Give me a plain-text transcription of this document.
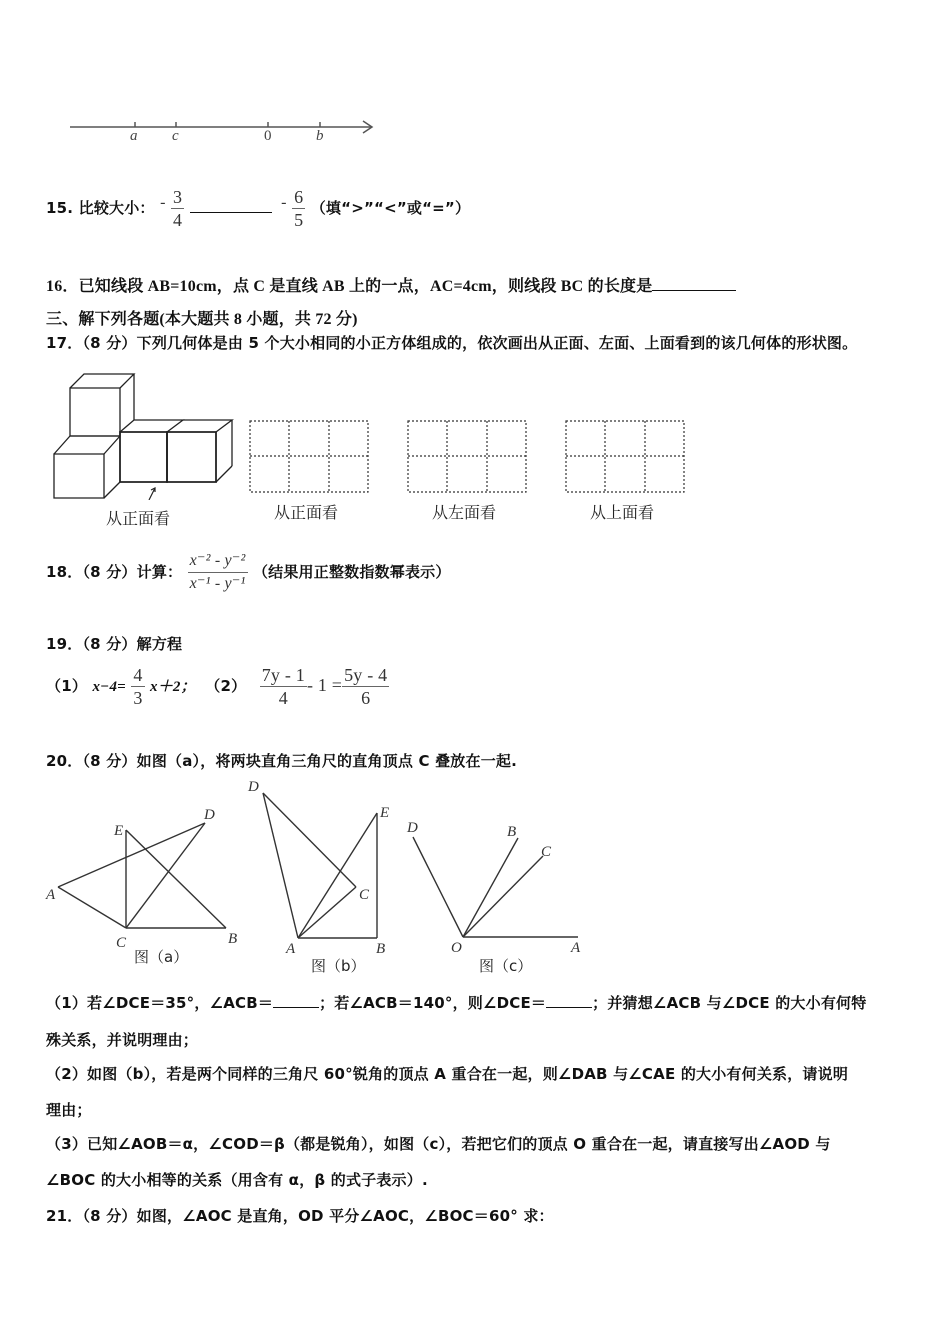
a c	0	b
15. 比较大小： - $\frac{3}{4}$	- $\frac{6}{5}$ （填“>”“<”或“=”）
16．已知线段 AB=10cm，点 C 是直线 AB 上的一点，AC=4cm，则线段 BC 的长度是
三、解下列各题(本大题共 8 小题，共 72 分)
17．（8 分）下列几何体是由 5 个大小相同的小正方体组成的，依次画出从正面、左面、上面看到的该几何体的形状图。
从正面看	从正面看	从左面看	从上面看
18．（8 分）计算： $\frac{\text{x⁻² - y⁻²}}{\text{x⁻¹ - y⁻¹}}$ （结果用正整数指数幂表示）
19．（8 分）解方程
（1） $x-4= \frac{4}{3} x+2$； $(2) \frac{7y - 1}{4} - 1 = \frac{5y - 4}{6}$
20．（8 分）如图（a），将两块直角三角尺的直角顶点 C 叠放在一起.
A
E
D
C	B
图（a）
D
E
C
A	B
图（b）
D	B
C
O	A
图（c）
（1）若∠DCE＝35°，∠ACB＝	；若∠ACB＝140°，则∠DCE＝	；并猜想∠ACB 与∠DCE 的大小有何特
殊关系，并说明理由；
（2）如图（b），若是两个同样的三角尺 60°锐角的顶点 A 重合在一起，则∠DAB 与∠CAE 的大小有何关系，请说明
理由；
（3）已知∠AOB＝α，∠COD＝β（都是锐角），如图（c），若把它们的顶点 O 重合在一起，请直接写出∠AOD 与
∠BOC 的大小相等的关系（用含有 α，β 的式子表示）.
21．（8 分）如图，∠AOC 是直角，OD 平分∠AOC，∠BOC＝60° 求：
